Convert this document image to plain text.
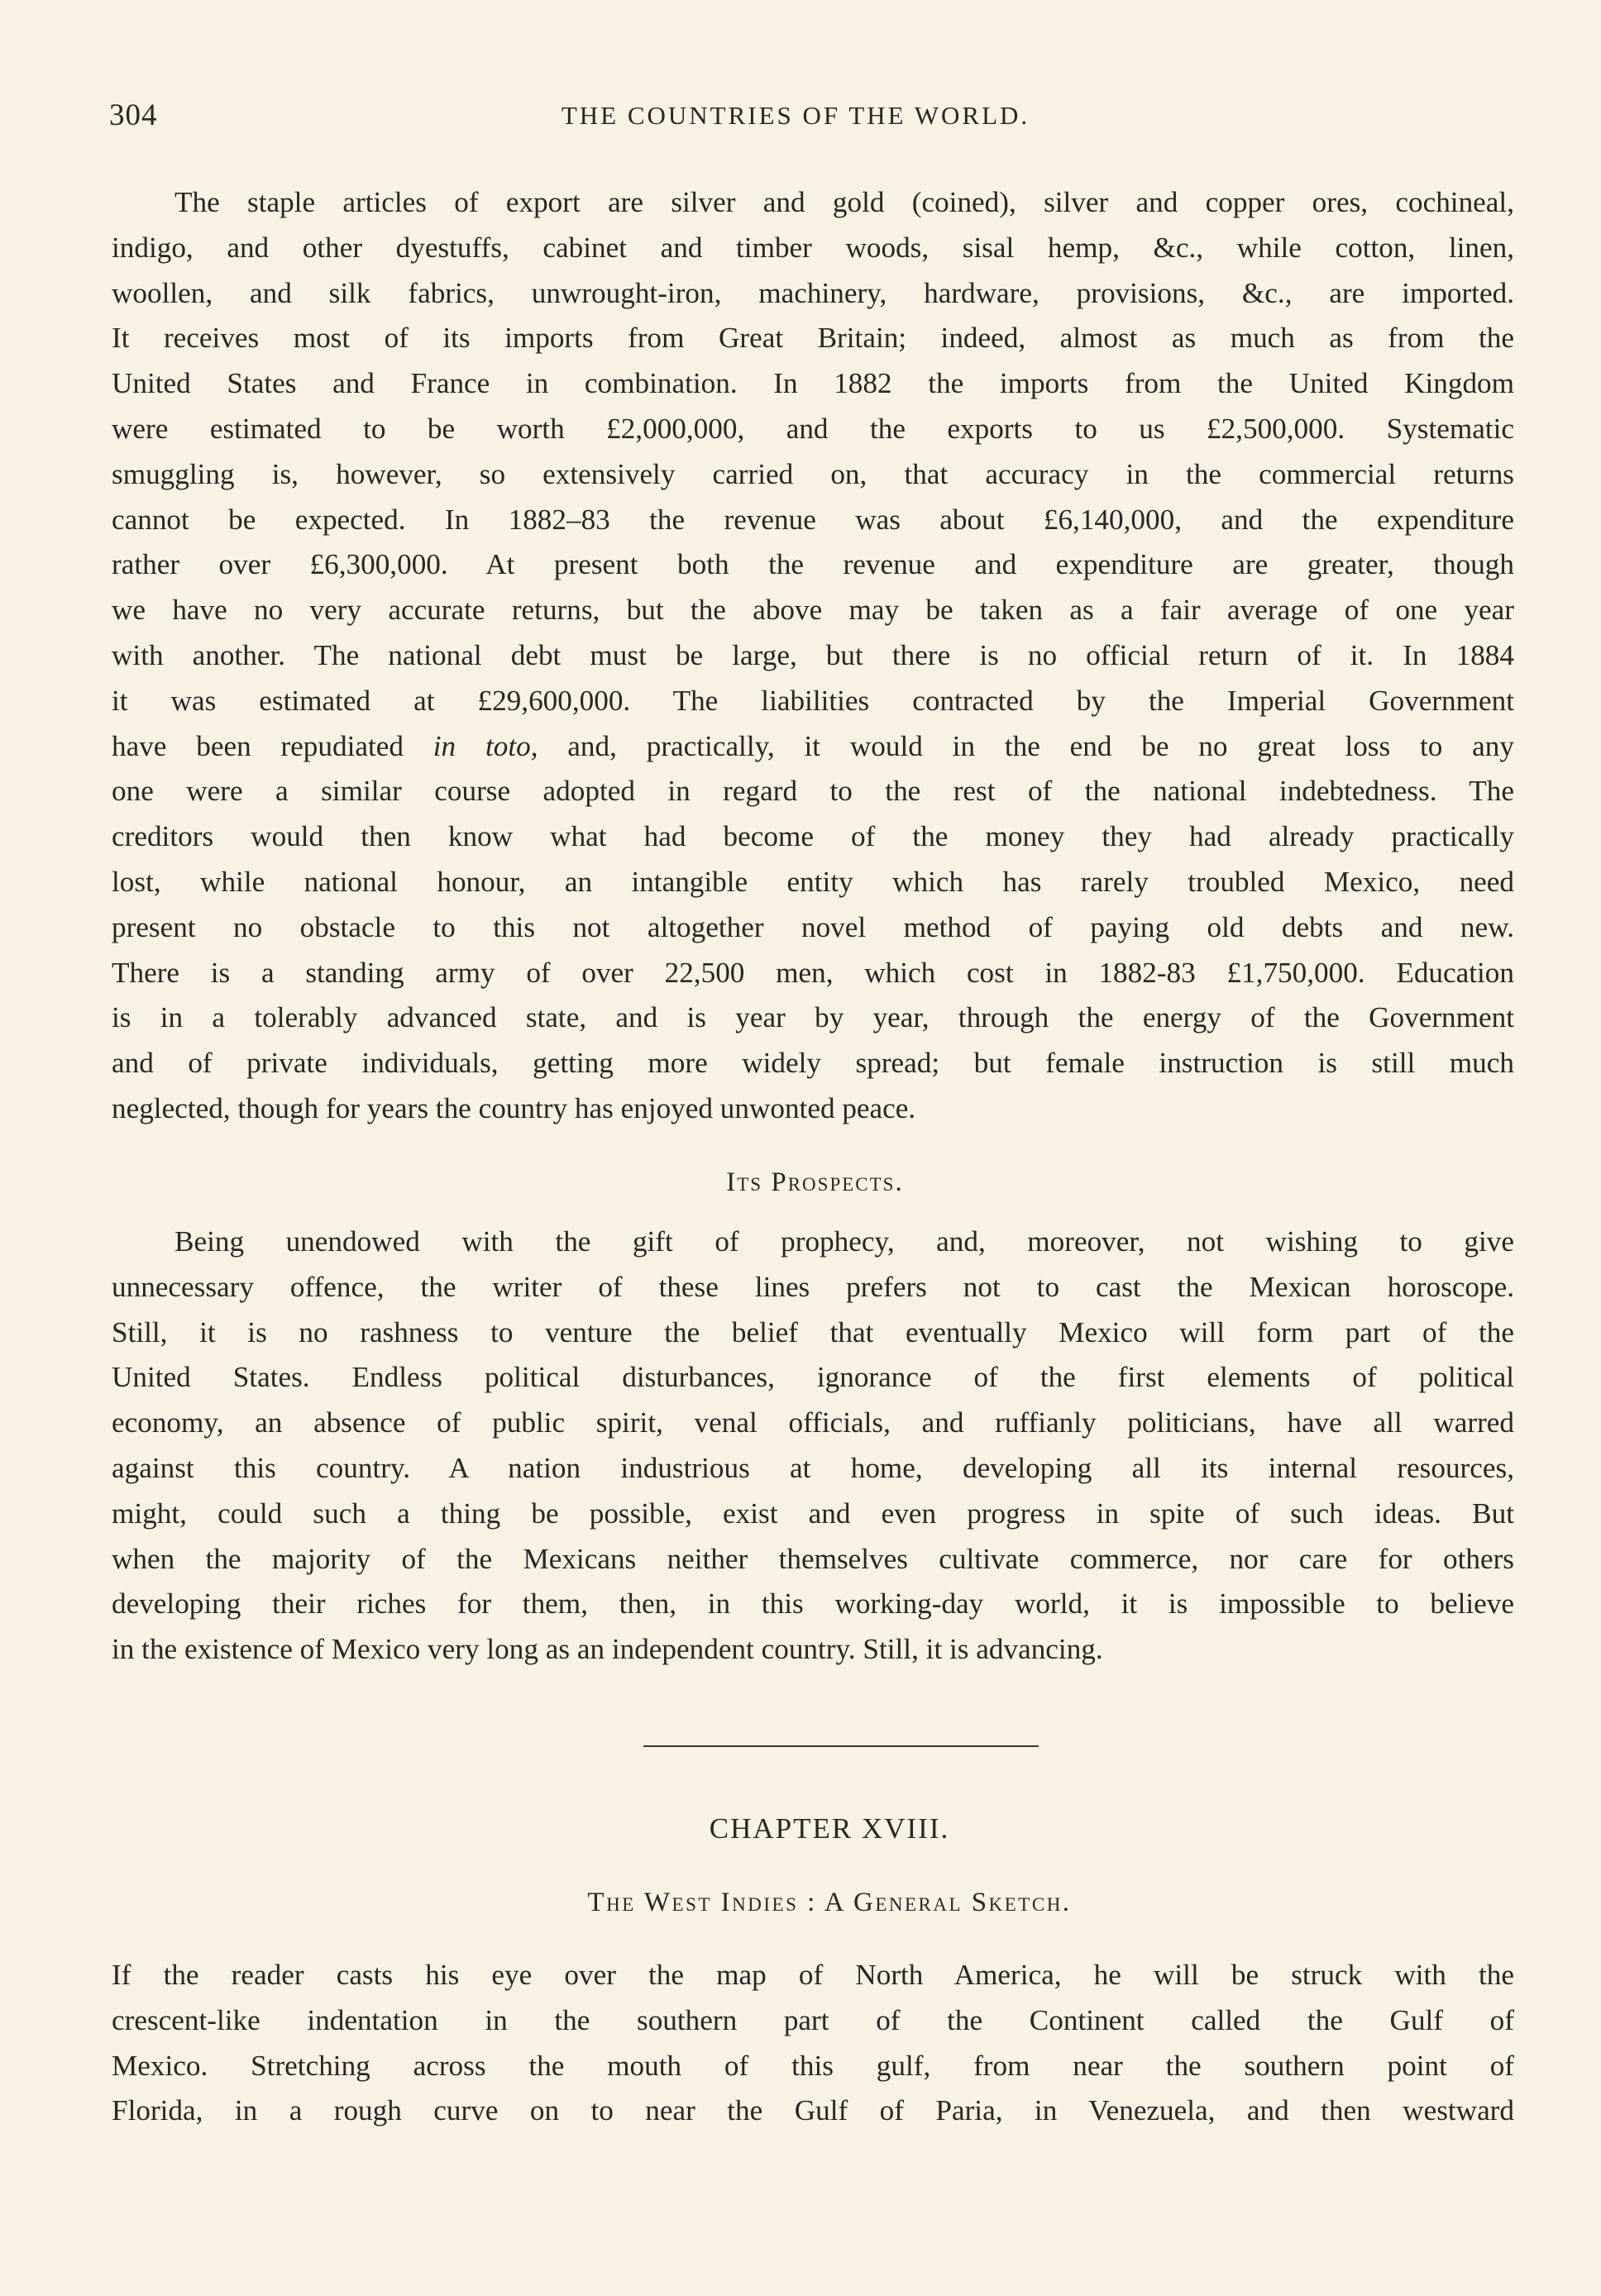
304	THE COUNTRIES OF THE WORLD.
The staple articles of export are silver and gold (coined), silver and copper ores, cochineal,
indigo, and other dyestuffs, cabinet and timber woods, sisal hemp, &c., while cotton, linen,
woollen, and silk fabrics, unwrought-iron, machinery, hardware, provisions, &c., are imported.
It receives most of its imports from Great Britain; indeed, almost as much as from the
United States and France in combination. In 1882 the imports from the United Kingdom
were estimated to be worth £2,000,000, and the exports to us £2,500,000. Systematic
smuggling is, however, so extensively carried on, that accuracy in the commercial returns
cannot be expected. In 1882–83 the revenue was about £6,140,000, and the expenditure
rather over £6,300,000. At present both the revenue and expenditure are greater, though
we have no very accurate returns, but the above may be taken as a fair average of one year
with another. The national debt must be large, but there is no official return of it. In 1884
it was estimated at £29,600,000. The liabilities contracted by the Imperial Government
have been repudiated in toto, and, practically, it would in the end be no great loss to any
one were a similar course adopted in regard to the rest of the national indebtedness. The
creditors would then know what had become of the money they had already practically
lost, while national honour, an intangible entity which has rarely troubled Mexico, need
present no obstacle to this not altogether novel method of paying old debts and new.
There is a standing army of over 22,500 men, which cost in 1882-83 £1,750,000. Education
is in a tolerably advanced state, and is year by year, through the energy of the Government
and of private individuals, getting more widely spread; but female instruction is still much
neglected, though for years the country has enjoyed unwonted peace.
Its Prospects.
Being unendowed with the gift of prophecy, and, moreover, not wishing to give
unnecessary offence, the writer of these lines prefers not to cast the Mexican horoscope.
Still, it is no rashness to venture the belief that eventually Mexico will form part of the
United States. Endless political disturbances, ignorance of the first elements of political
economy, an absence of public spirit, venal officials, and ruffianly politicians, have all warred
against this country. A nation industrious at home, developing all its internal resources,
might, could such a thing be possible, exist and even progress in spite of such ideas. But
when the majority of the Mexicans neither themselves cultivate commerce, nor care for others
developing their riches for them, then, in this working-day world, it is impossible to believe
in the existence of Mexico very long as an independent country. Still, it is advancing.
CHAPTER XVIII.
The West Indies : A General Sketch.
If the reader casts his eye over the map of North America, he will be struck with the
crescent-like indentation in the southern part of the Continent called the Gulf of
Mexico. Stretching across the mouth of this gulf, from near the southern point of
Florida, in a rough curve on to near the Gulf of Paria, in Venezuela, and then westward
